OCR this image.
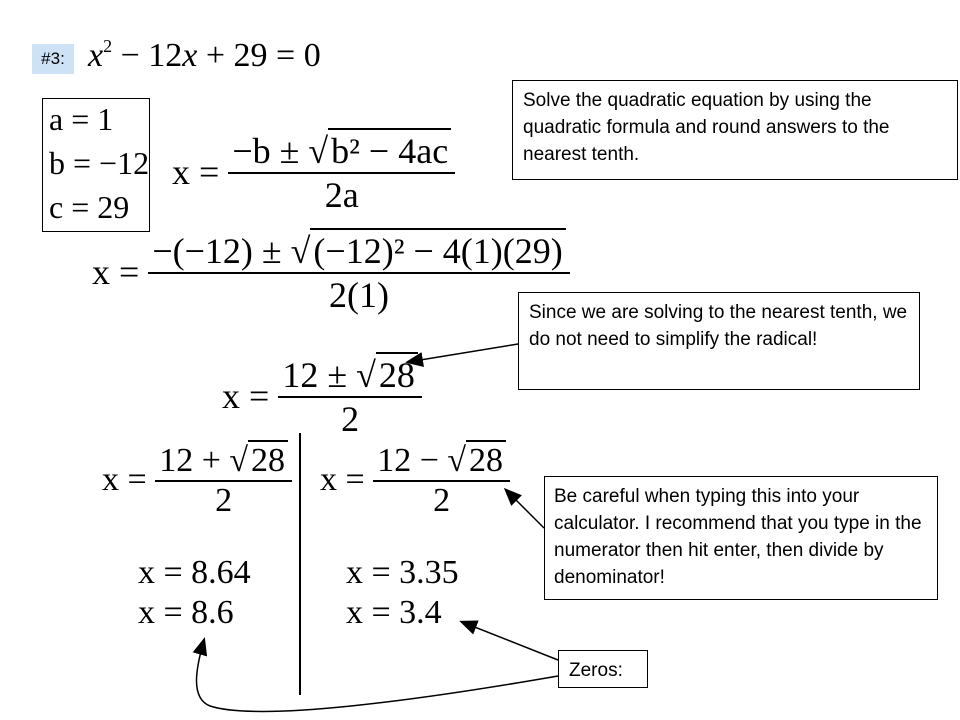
#3: $x^2 - 12x + 29 = 0$
a = 1
b = −12
c = 29
x =
$\frac{\text{−b ± √ b² − 4ac}}{2a}$
Solve the quadratic equation by using the quadratic formula and round answers to the nearest tenth.
x =
$\frac{\text{−(−12) ± √ (−12)² − 4(1)(29)}}{2(1)}$
Since we are solving to the nearest tenth, we do not need to simplify the radical!
x =
$\frac{12 \pm √ 28}{2}$
x =
$\frac{12 + √ 28}{2}$
x = 8.64
x = 8.6
x =
$\frac{12 - √ 28}{2}$
x = 3.35
x = 3.4
Be careful when typing this into your calculator. I recommend that you type in the numerator then hit enter, then divide by denominator!
Zeros:
